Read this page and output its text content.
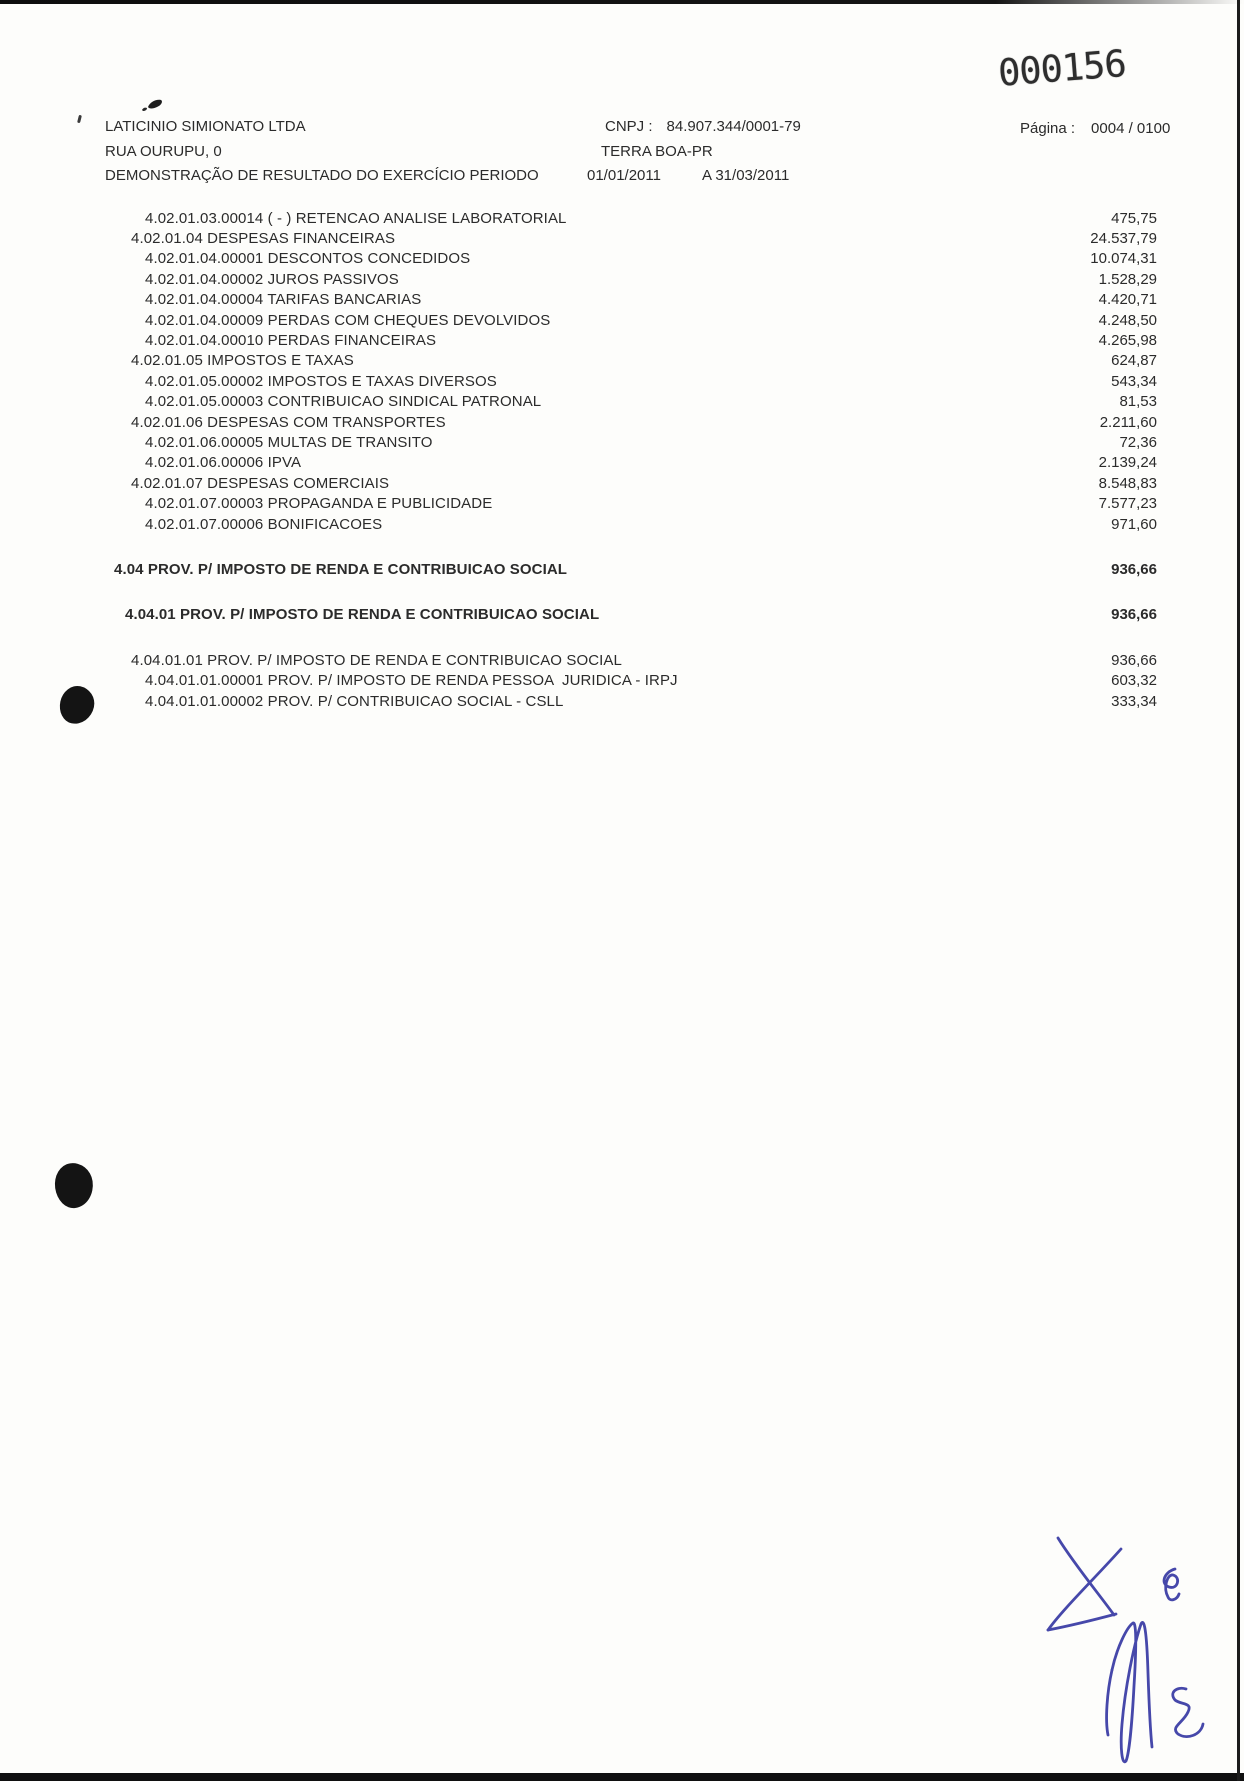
000156
LATICINIO SIMIONATO LTDA	CNPJ : 84.907.344/0001-79	Página : 0004 / 0100
RUA OURUPU, 0	TERRA BOA-PR
DEMONSTRAÇÃO DE RESULTADO DO EXERCÍCIO PERIODO	01/01/2011	A 31/03/2011
4.02.01.03.00014 ( - ) RETENCAO ANALISE LABORATORIAL	475,75
4.02.01.04 DESPESAS FINANCEIRAS	24.537,79
4.02.01.04.00001 DESCONTOS CONCEDIDOS	10.074,31
4.02.01.04.00002 JUROS PASSIVOS	1.528,29
4.02.01.04.00004 TARIFAS BANCARIAS	4.420,71
4.02.01.04.00009 PERDAS COM CHEQUES DEVOLVIDOS	4.248,50
4.02.01.04.00010 PERDAS FINANCEIRAS	4.265,98
4.02.01.05 IMPOSTOS E TAXAS	624,87
4.02.01.05.00002 IMPOSTOS E TAXAS DIVERSOS	543,34
4.02.01.05.00003 CONTRIBUICAO SINDICAL PATRONAL	81,53
4.02.01.06 DESPESAS COM TRANSPORTES	2.211,60
4.02.01.06.00005 MULTAS DE TRANSITO	72,36
4.02.01.06.00006 IPVA	2.139,24
4.02.01.07 DESPESAS COMERCIAIS	8.548,83
4.02.01.07.00003 PROPAGANDA E PUBLICIDADE	7.577,23
4.02.01.07.00006 BONIFICACOES	971,60
4.04 PROV. P/ IMPOSTO DE RENDA E CONTRIBUICAO SOCIAL	936,66
4.04.01 PROV. P/ IMPOSTO DE RENDA E CONTRIBUICAO SOCIAL	936,66
4.04.01.01 PROV. P/ IMPOSTO DE RENDA E CONTRIBUICAO SOCIAL	936,66
4.04.01.01.00001 PROV. P/ IMPOSTO DE RENDA PESSOA  JURIDICA - IRPJ	603,32
4.04.01.01.00002 PROV. P/ CONTRIBUICAO SOCIAL - CSLL	333,34
